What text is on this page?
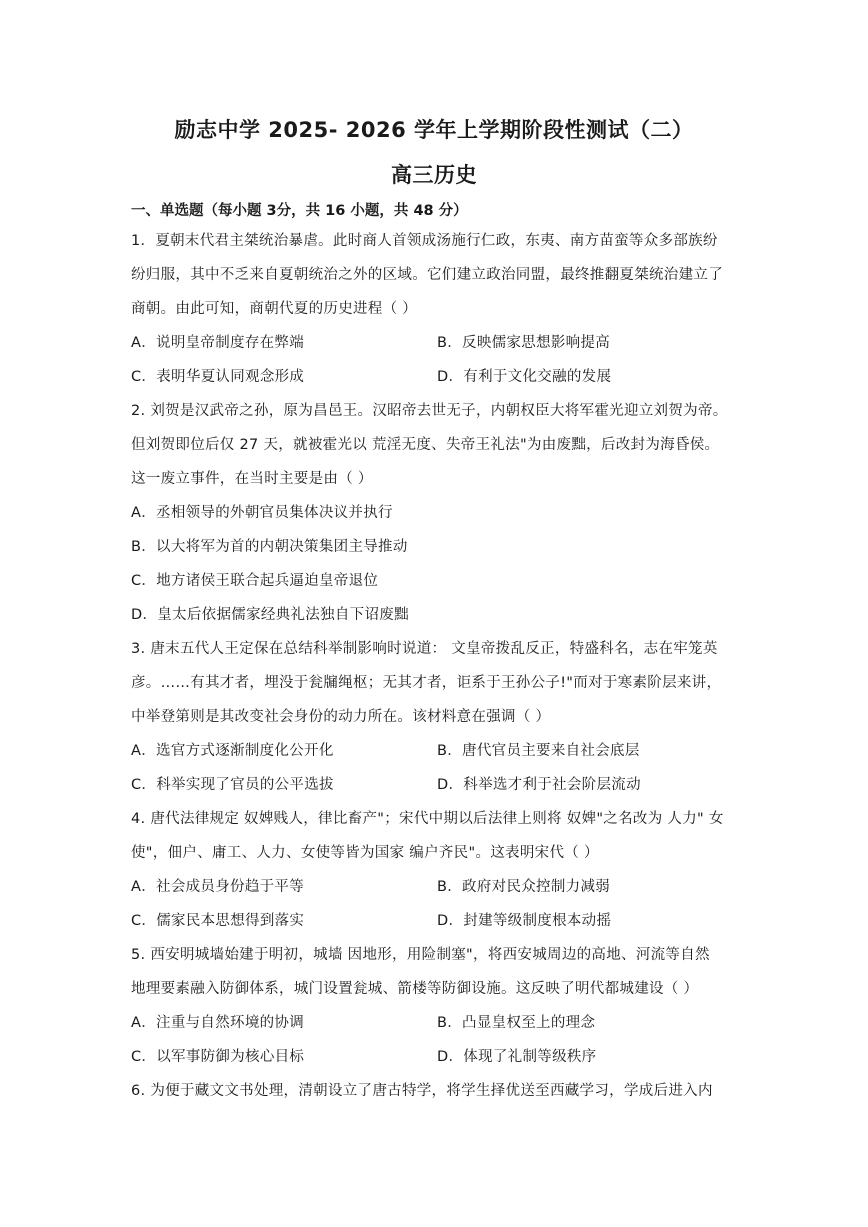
励志中学 2025- 2026 学年上学期阶段性测试（二）
高三历史
一、单选题（每小题 3分，共 16 小题，共 48 分）
1．夏朝末代君主桀统治暴虐。此时商人首领成汤施行仁政，东夷、南方苗蛮等众多部族纷
纷归服，其中不乏来自夏朝统治之外的区域。它们建立政治同盟，最终推翻夏桀统治建立了
商朝。由此可知，商朝代夏的历史进程（ ）
A．说明皇帝制度存在弊端	B．反映儒家思想影响提高
C．表明华夏认同观念形成	D．有利于文化交融的发展
2. 刘贺是汉武帝之孙，原为昌邑王。汉昭帝去世无子，内朝权臣大将军霍光迎立刘贺为帝。
但刘贺即位后仅 27 天，就被霍光以 荒淫无度、失帝王礼法"为由废黜，后改封为海昏侯。
这一废立事件，在当时主要是由（ ）
A．丞相领导的外朝官员集体决议并执行
B．以大将军为首的内朝决策集团主导推动
C．地方诸侯王联合起兵逼迫皇帝退位
D．皇太后依据儒家经典礼法独自下诏废黜
3. 唐末五代人王定保在总结科举制影响时说道： 文皇帝拨乱反正，特盛科名，志在牢笼英
彦。……有其才者，埋没于瓮牖绳枢；无其才者，讵系于王孙公子!"而对于寒素阶层来讲，
中举登第则是其改变社会身份的动力所在。该材料意在强调（ ）
A．选官方式逐渐制度化公开化	B．唐代官员主要来自社会底层
C．科举实现了官员的公平选拔	D．科举选才利于社会阶层流动
4. 唐代法律规定 奴婢贱人，律比畜产"；宋代中期以后法律上则将 奴婢"之名改为 人力" 女
使"，佃户、庸工、人力、女使等皆为国家 编户齐民"。这表明宋代（ ）
A．社会成员身份趋于平等	B．政府对民众控制力减弱
C．儒家民本思想得到落实	D．封建等级制度根本动摇
5. 西安明城墙始建于明初，城墙 因地形，用险制塞"，将西安城周边的高地、河流等自然
地理要素融入防御体系，城门设置瓮城、箭楼等防御设施。这反映了明代都城建设（ ）
A．注重与自然环境的协调	B．凸显皇权至上的理念
C．以军事防御为核心目标	D．体现了礼制等级秩序
6. 为便于藏文文书处理，清朝设立了唐古特学，将学生择优送至西藏学习，学成后进入内
